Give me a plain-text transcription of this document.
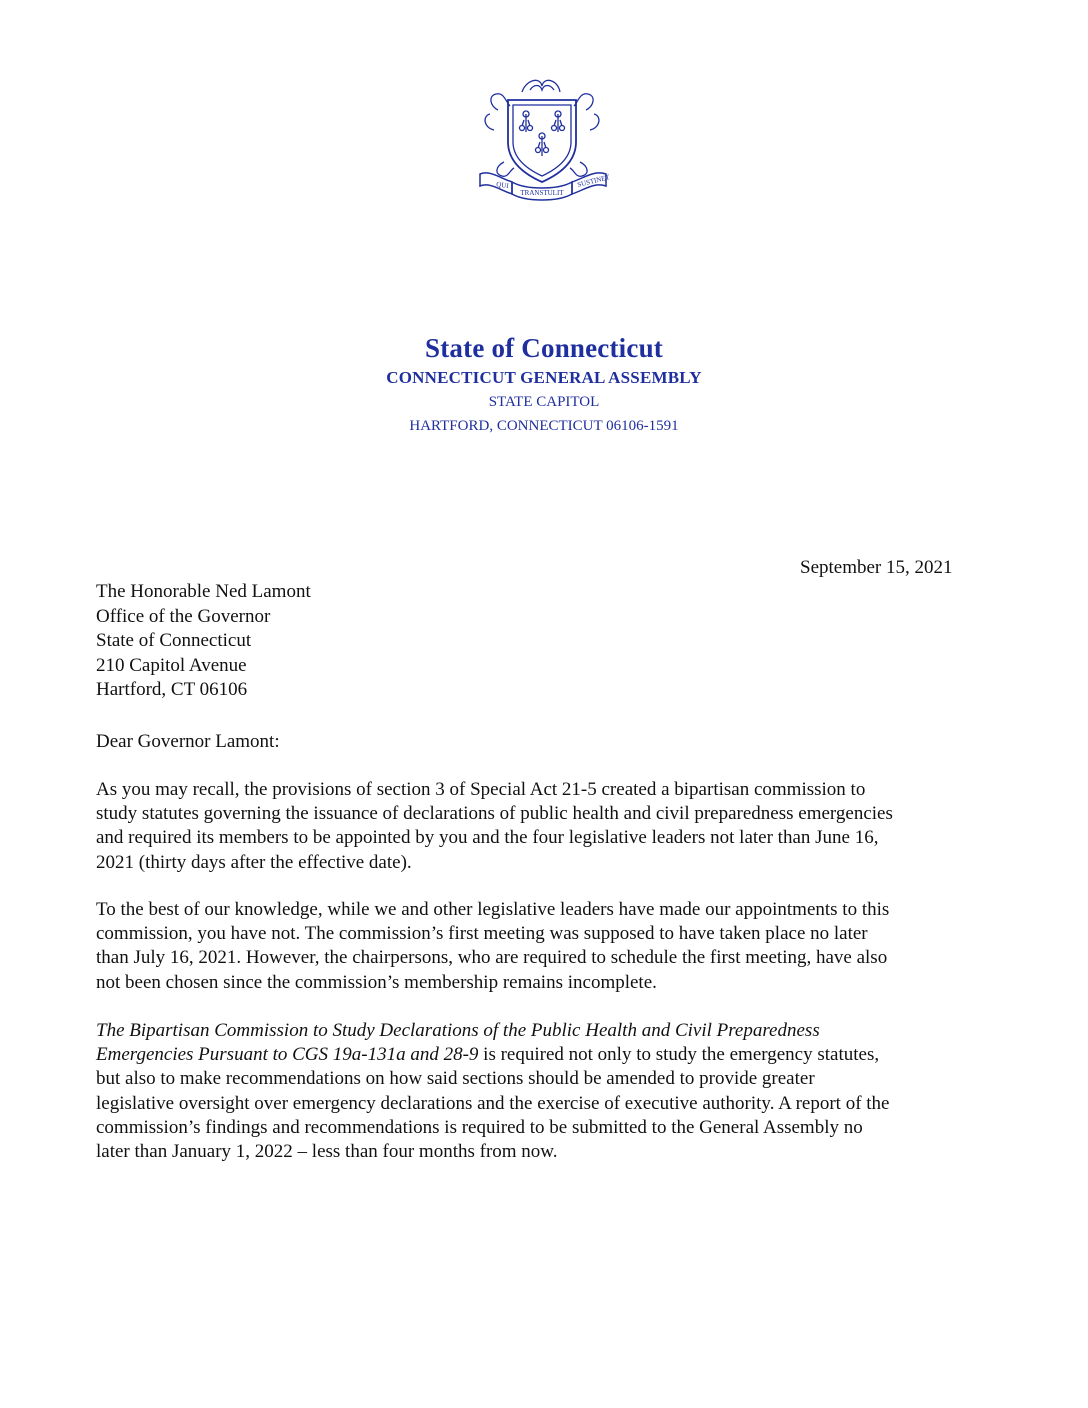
QUI
TRANSTULIT
SUSTINET
State of Connecticut
CONNECTICUT GENERAL ASSEMBLY
STATE CAPITOL
HARTFORD, CONNECTICUT 06106-1591
September 15, 2021
The Honorable Ned Lamont
Office of the Governor
State of Connecticut
210 Capitol Avenue
Hartford, CT 06106
Dear Governor Lamont:
As you may recall, the provisions of section 3 of Special Act 21-5 created a bipartisan commission to
study statutes governing the issuance of declarations of public health and civil preparedness emergencies
and required its members to be appointed by you and the four legislative leaders not later than June 16,
2021 (thirty days after the effective date).
To the best of our knowledge, while we and other legislative leaders have made our appointments to this
commission, you have not. The commission’s first meeting was supposed to have taken place no later
than July 16, 2021. However, the chairpersons, who are required to schedule the first meeting, have also
not been chosen since the commission’s membership remains incomplete.
The Bipartisan Commission to Study Declarations of the Public Health and Civil Preparedness
Emergencies Pursuant to CGS 19a-131a and 28-9 is required not only to study the emergency statutes,
but also to make recommendations on how said sections should be amended to provide greater
legislative oversight over emergency declarations and the exercise of executive authority. A report of the
commission’s findings and recommendations is required to be submitted to the General Assembly no
later than January 1, 2022 – less than four months from now.
